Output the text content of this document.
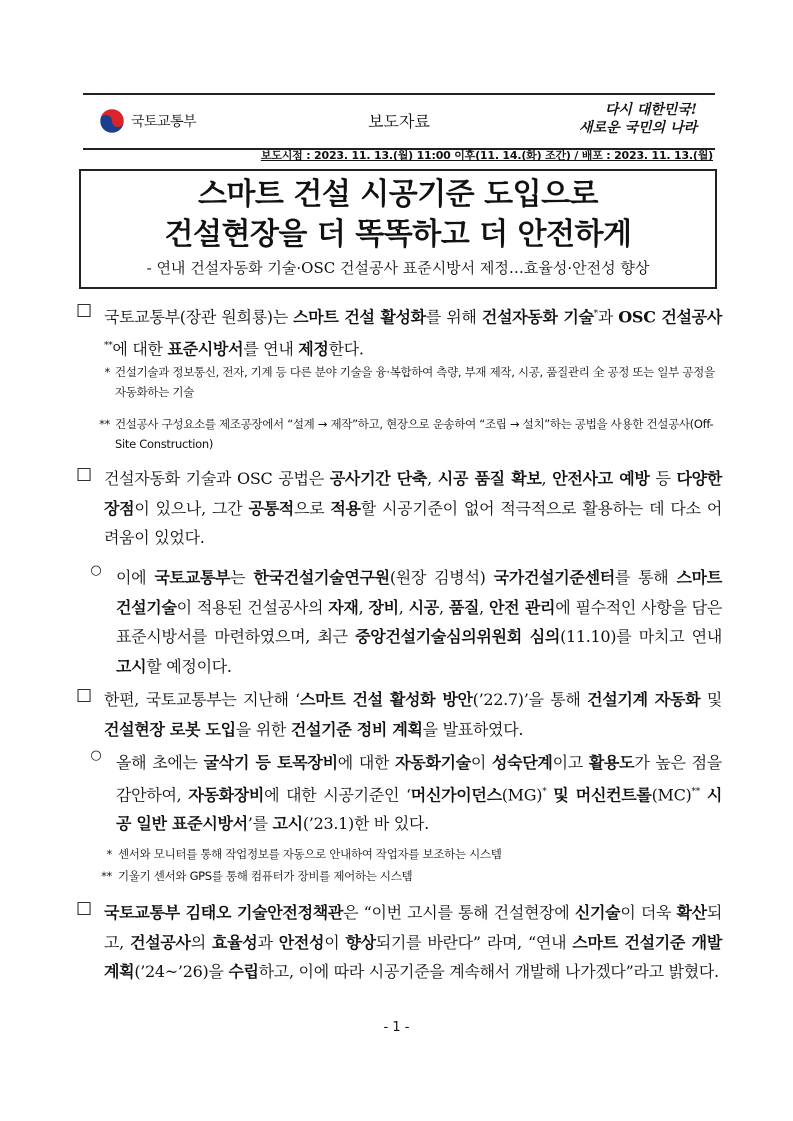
국토교통부	보도자료
다시 대한민국!
새로운 국민의 나라
보도시점 : 2023. 11. 13.(월) 11:00 이후(11. 14.(화) 조간) / 배포 : 2023. 11. 13.(월)
스마트 건설 시공기준 도입으로
건설현장을 더 똑똑하고 더 안전하게
- 연내 건설자동화 기술·OSC 건설공사 표준시방서 제정…효율성·안전성 향상
□ 국토교통부(장관 원희룡)는 스마트 건설 활성화를 위해 건설자동화 기술*과 OSC 건설공사**에 대한 표준시방서를 연내 제정한다.
* 건설기술과 정보통신, 전자, 기계 등 다른 분야 기술을 융·복합하여 측량, 부재 제작, 시공, 품질관리 全 공정 또는 일부 공정을 자동화하는 기술
** 건설공사 구성요소를 제조공장에서 “설계 → 제작”하고, 현장으로 운송하여 “조립 → 설치”하는 공법을 사용한 건설공사(Off-Site Construction)
□ 건설자동화 기술과 OSC 공법은 공사기간 단축, 시공 품질 확보, 안전사고 예방 등 다양한 장점이 있으나, 그간 공통적으로 적용할 시공기준이 없어 적극적으로 활용하는 데 다소 어려움이 있었다.
○ 이에 국토교통부는 한국건설기술연구원(원장 김병석) 국가건설기준센터를 통해 스마트 건설기술이 적용된 건설공사의 자재, 장비, 시공, 품질, 안전 관리에 필수적인 사항을 담은 표준시방서를 마련하였으며, 최근 중앙건설기술심의위원회 심의(11.10)를 마치고 연내 고시할 예정이다.
□ 한편, 국토교통부는 지난해 ‘스마트 건설 활성화 방안(’22.7)’을 통해 건설기계 자동화 및 건설현장 로봇 도입을 위한 건설기준 정비 계획을 발표하였다.
○ 올해 초에는 굴삭기 등 토목장비에 대한 자동화기술이 성숙단계이고 활용도가 높은 점을 감안하여, 자동화장비에 대한 시공기준인 ‘머신가이던스(MG)* 및 머신컨트롤(MC)** 시공 일반 표준시방서’를 고시(’23.1)한 바 있다.
* 센서와 모니터를 통해 작업정보를 자동으로 안내하여 작업자를 보조하는 시스템
** 기울기 센서와 GPS를 통해 컴퓨터가 장비를 제어하는 시스템
□ 국토교통부 김태오 기술안전정책관은 “이번 고시를 통해 건설현장에 신기술이 더욱 확산되고, 건설공사의 효율성과 안전성이 향상되기를 바란다” 라며, “연내 스마트 건설기준 개발계획(’24~’26)을 수립하고, 이에 따라 시공기준을 계속해서 개발해 나가겠다”라고 밝혔다.
- 1 -
